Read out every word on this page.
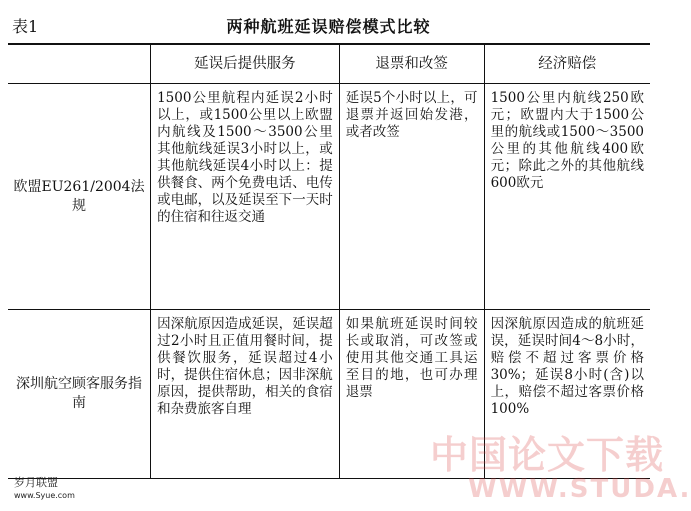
表1	两种航班延误赔偿模式比较
	延误后提供服务	退票和改签	经济赔偿
欧盟EU261/2004法规	1500公里航程内延误2小时以上，或1500公里以上欧盟内航线及1500～3500公里其他航线延误3小时以上，或其他航线延误4小时以上：提供餐食、两个免费电话、电传或电邮，以及延误至下一天时的住宿和往返交通	延误5个小时以上，可退票并返回始发港，或者改签	1500公里内航线250欧元；欧盟内大于1500公里的航线或1500～3500公里的其他航线400欧元；除此之外的其他航线600欧元
深圳航空顾客服务指南	因深航原因造成延误，延误超过2小时且正值用餐时间，提供餐饮服务，延误超过4小时，提供住宿休息；因非深航原因，提供帮助，相关的食宿和杂费旅客自理	如果航班延误时间较长或取消，可改签或使用其他交通工具运至目的地，也可办理退票	因深航原因造成的航班延误，延误时间4～8小时，赔偿不超过客票价格30%；延误8小时(含)以上，赔偿不超过客票价格100%
岁月联盟
www.Syue.com
中国论文下载
WWW.STUDA.
